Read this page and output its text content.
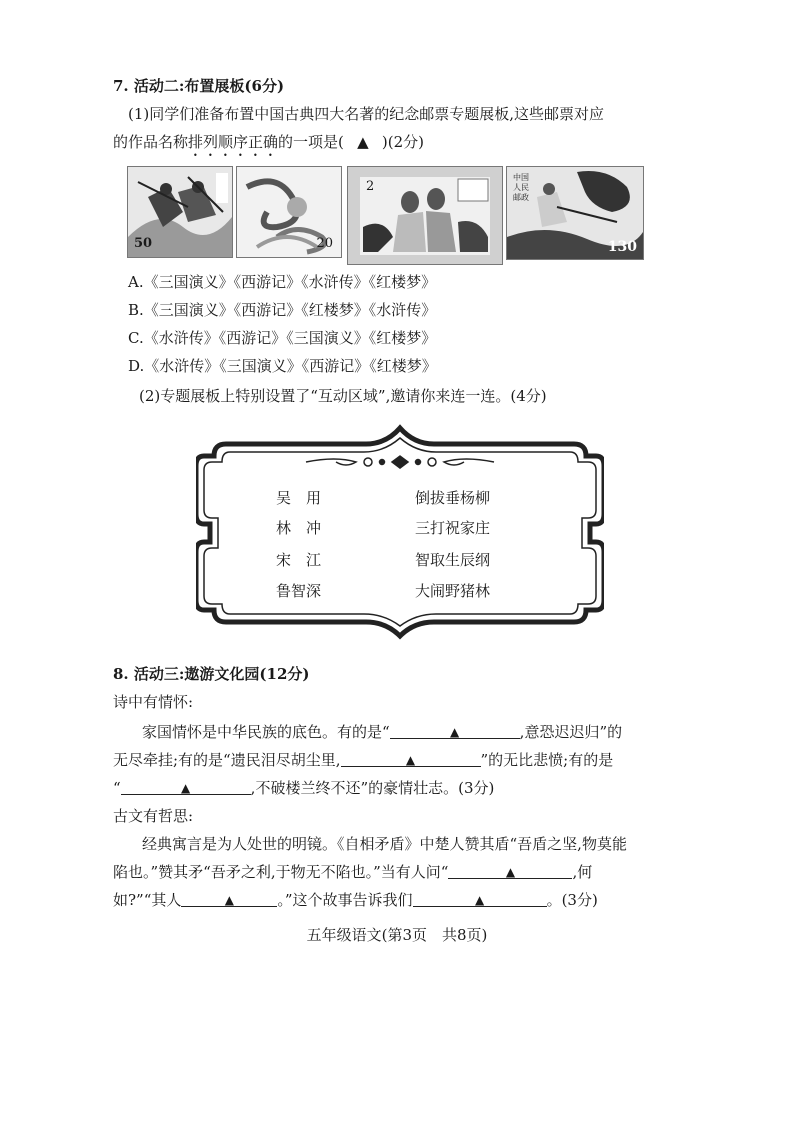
7. 活动二:布置展板(6分)
(1)同学们准备布置中国古典四大名著的纪念邮票专题展板,这些邮票对应
的作品名称排列顺序正确的一项是( ▲ )(2分)
50	20
2
中国人民邮政
130
A.《三国演义》《西游记》《水浒传》《红楼梦》
B.《三国演义》《西游记》《红楼梦》《水浒传》
C.《水浒传》《西游记》《三国演义》《红楼梦》
D.《水浒传》《三国演义》《西游记》《红楼梦》
(2)专题展板上特别设置了“互动区域”,邀请你来连一连。(4分)
吴　用
林　冲
宋　江
鲁智深
倒拔垂杨柳
三打祝家庄
智取生辰纲
大闹野猪林
8. 活动三:遨游文化园(12分)
诗中有情怀:
家国情怀是中华民族的底色。有的是“	▲	,意恐迟迟归”的
无尽牵挂;有的是“遗民泪尽胡尘里,	▲	”的无比悲愤;有的是
“	▲	,不破楼兰终不还”的豪情壮志。(3分)
古文有哲思:
经典寓言是为人处世的明镜。《自相矛盾》中楚人赞其盾“吾盾之坚,物莫能
陷也。”赞其矛“吾矛之利,于物无不陷也。”当有人问“	▲	,何
如?”“其人	▲	。”这个故事告诉我们	▲	。(3分)
五年级语文(第3页　共8页)
